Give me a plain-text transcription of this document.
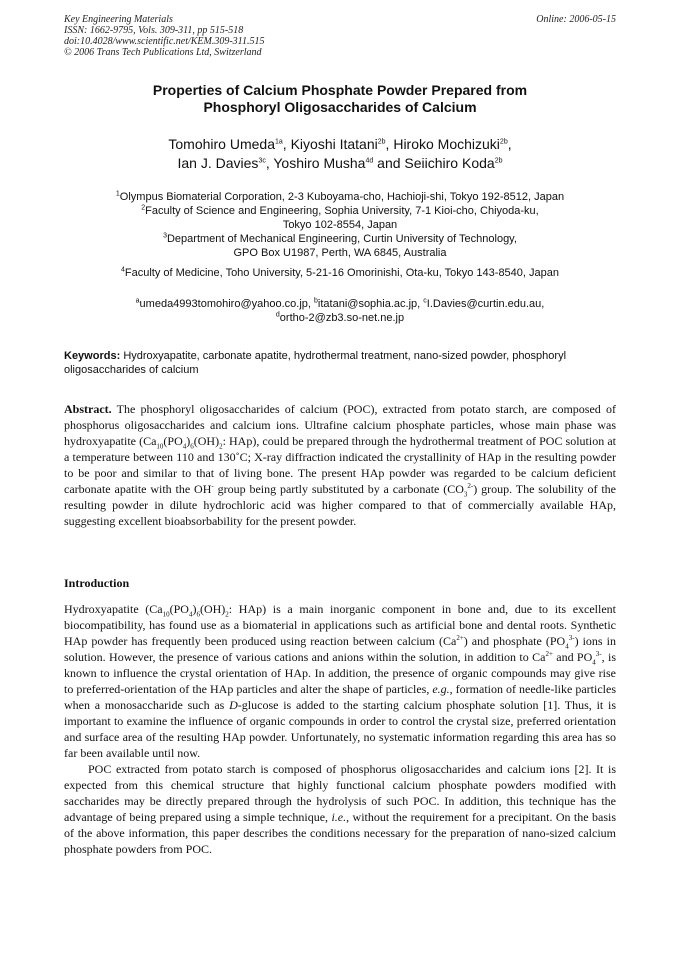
Key Engineering Materials
ISSN: 1662-9795, Vols. 309-311, pp 515-518
doi:10.4028/www.scientific.net/KEM.309-311.515
© 2006 Trans Tech Publications Ltd, Switzerland
Online: 2006-05-15
Properties of Calcium Phosphate Powder Prepared from
Phosphoryl Oligosaccharides of Calcium
Tomohiro Umeda$^{1a}$, Kiyoshi Itatani$^{2b}$, Hiroko Mochizuki$^{2b}$,
Ian J. Davies$^{3c}$, Yoshiro Musha$^{4d}$ and Seiichiro Koda$^{2b}$
$^1$Olympus Biomaterial Corporation, 2-3 Kuboyama-cho, Hachioji-shi, Tokyo 192-8512, Japan
$^2$Faculty of Science and Engineering, Sophia University, 7-1 Kioi-cho, Chiyoda-ku,
Tokyo 102-8554, Japan
$^3$Department of Mechanical Engineering, Curtin University of Technology,
GPO Box U1987, Perth, WA 6845, Australia
$^4$Faculty of Medicine, Toho University, 5-21-16 Omorinishi, Ota-ku, Tokyo 143-8540, Japan
$^a$umeda4993tomohiro@yahoo.co.jp, $^b$itatani@sophia.ac.jp, $^c$I.Davies@curtin.edu.au,
$^d$ortho-2@zb3.so-net.ne.jp
Keywords: Hydroxyapatite, carbonate apatite, hydrothermal treatment, nano-sized powder, phosphoryl oligosaccharides of calcium
Abstract. The phosphoryl oligosaccharides of calcium (POC), extracted from potato starch, are composed of phosphorus oligosaccharides and calcium ions. Ultrafine calcium phosphate particles, whose main phase was hydroxyapatite ($Ca_{10}(PO_4)_6(OH)_2$: HAp), could be prepared through the hydrothermal treatment of POC solution at a temperature between 110 and 130˚C; X-ray diffraction indicated the crystallinity of HAp in the resulting powder to be poor and similar to that of living bone. The present HAp powder was regarded to be calcium deficient carbonate apatite with the OH- group being partly substituted by a carbonate $(CO_3^{2-})$ group. The solubility of the resulting powder in dilute hydrochloric acid was higher compared to that of commercially available HAp, suggesting excellent bioabsorbability for the present powder.
Introduction

Hydroxyapatite ($Ca_{10}(PO_4)_6(OH)_2$: HAp) is a main inorganic component in bone and, due to its excellent biocompatibility, has found use as a biomaterial in applications such as artificial bone and dental roots. Synthetic HAp powder has frequently been produced using reaction between calcium $(Ca^{2+})$ and phosphate $(PO_4^{3-})$ ions in solution. However, the presence of various cations and anions within the solution, in addition to $Ca^{2+}$ and $PO_4^{3-}$, is known to influence the crystal orientation of HAp. In addition, the presence of organic compounds may give rise to preferred-orientation of the HAp particles and alter the shape of particles, e.g., formation of needle-like particles when a monosaccharide such as D-glucose is added to the starting calcium phosphate solution [1]. Thus, it is important to examine the influence of organic compounds in order to control the crystal size, preferred orientation and surface area of the resulting HAp powder. Unfortunately, no systematic information regarding this area has so far been available until now.

POC extracted from potato starch is composed of phosphorus oligosaccharides and calcium ions [2]. It is expected from this chemical structure that highly functional calcium phosphate powders modified with saccharides may be directly prepared through the hydrolysis of such POC. In addition, this technique has the advantage of being prepared using a simple technique, i.e., without the requirement for a precipitant. On the basis of the above information, this paper describes the conditions necessary for the preparation of nano-sized calcium phosphate powders from POC.
